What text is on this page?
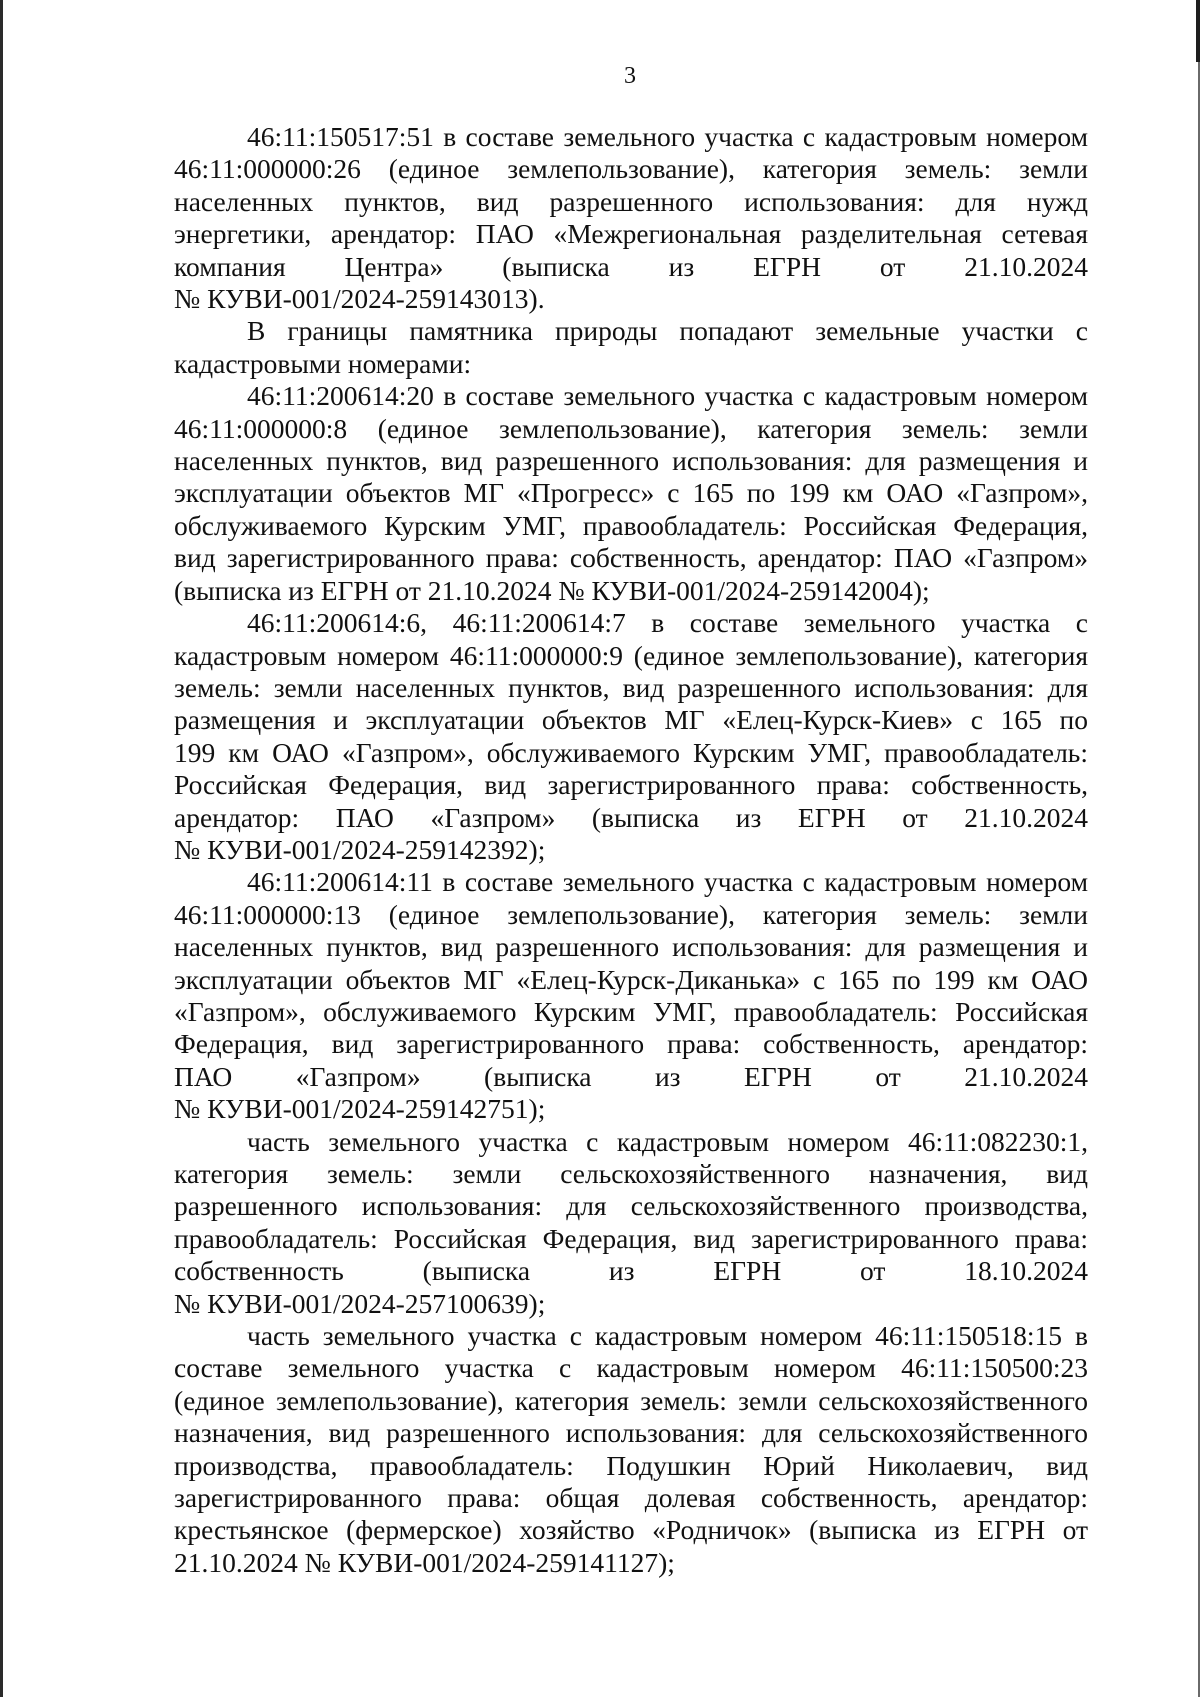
3
46:11:150517:51 в составе земельного участка с кадастровым номером
46:11:000000:26 (единое землепользование), категория земель: земли
населенных пунктов, вид разрешенного использования: для нужд
энергетики, арендатор: ПАО «Межрегиональная разделительная сетевая
компания Центра» (выписка из ЕГРН от 21.10.2024
№ КУВИ-001/2024-259143013).
В границы памятника природы попадают земельные участки с
кадастровыми номерами:
46:11:200614:20 в составе земельного участка с кадастровым номером
46:11:000000:8 (единое землепользование), категория земель: земли
населенных пунктов, вид разрешенного использования: для размещения и
эксплуатации объектов МГ «Прогресс» с 165 по 199 км ОАО «Газпром»,
обслуживаемого Курским УМГ, правообладатель: Российская Федерация,
вид зарегистрированного права: собственность, арендатор: ПАО «Газпром»
(выписка из ЕГРН от 21.10.2024 № КУВИ-001/2024-259142004);
46:11:200614:6, 46:11:200614:7 в составе земельного участка с
кадастровым номером 46:11:000000:9 (единое землепользование), категория
земель: земли населенных пунктов, вид разрешенного использования: для
размещения и эксплуатации объектов МГ «Елец-Курск-Киев» с 165 по
199 км ОАО «Газпром», обслуживаемого Курским УМГ, правообладатель:
Российская Федерация, вид зарегистрированного права: собственность,
арендатор: ПАО «Газпром» (выписка из ЕГРН от 21.10.2024
№ КУВИ-001/2024-259142392);
46:11:200614:11 в составе земельного участка с кадастровым номером
46:11:000000:13 (единое землепользование), категория земель: земли
населенных пунктов, вид разрешенного использования: для размещения и
эксплуатации объектов МГ «Елец-Курск-Диканька» с 165 по 199 км ОАО
«Газпром», обслуживаемого Курским УМГ, правообладатель: Российская
Федерация, вид зарегистрированного права: собственность, арендатор:
ПАО «Газпром» (выписка из ЕГРН от 21.10.2024
№ КУВИ-001/2024-259142751);
часть земельного участка с кадастровым номером 46:11:082230:1,
категория земель: земли сельскохозяйственного назначения, вид
разрешенного использования: для сельскохозяйственного производства,
правообладатель: Российская Федерация, вид зарегистрированного права:
собственность (выписка из ЕГРН от 18.10.2024
№ КУВИ-001/2024-257100639);
часть земельного участка с кадастровым номером 46:11:150518:15 в
составе земельного участка с кадастровым номером 46:11:150500:23
(единое землепользование), категория земель: земли сельскохозяйственного
назначения, вид разрешенного использования: для сельскохозяйственного
производства, правообладатель: Подушкин Юрий Николаевич, вид
зарегистрированного права: общая долевая собственность, арендатор:
крестьянское (фермерское) хозяйство «Родничок» (выписка из ЕГРН от
21.10.2024 № КУВИ-001/2024-259141127);
